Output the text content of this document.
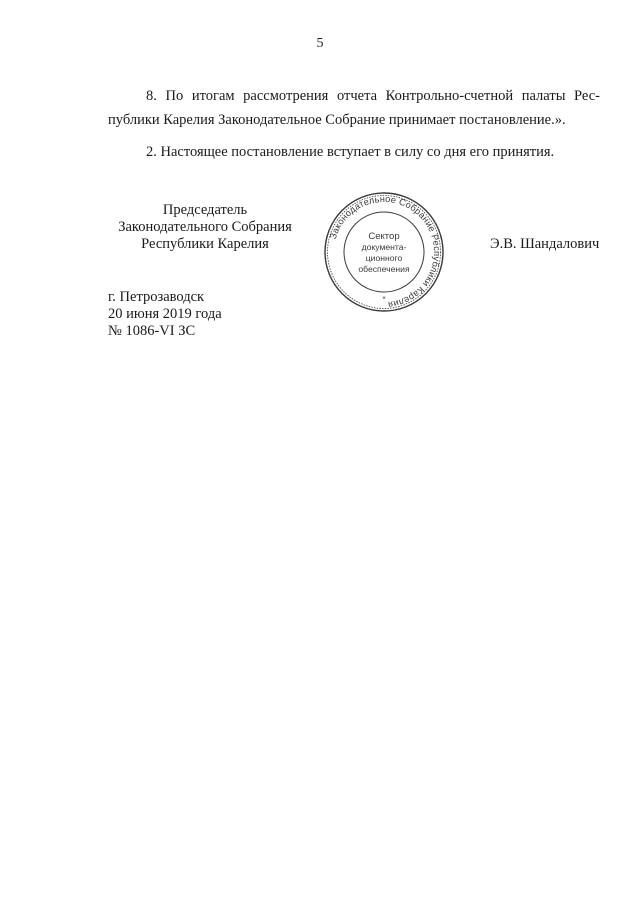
5

8. По итогам рассмотрения отчета Контрольно-счетной палаты Рес-публики Карелия Законодательное Собрание принимает постановление.».

2. Настоящее постановление вступает в силу со дня его принятия.

Председатель
Законодательного Собрания
Республики Карелия
Законодательное Собрание Республики Карелия
*
Сектор
документа-
ционного
обеспечения
Э.В. Шандалович
г. Петрозаводск
20 июня 2019 года
№ 1086-VI ЗС
